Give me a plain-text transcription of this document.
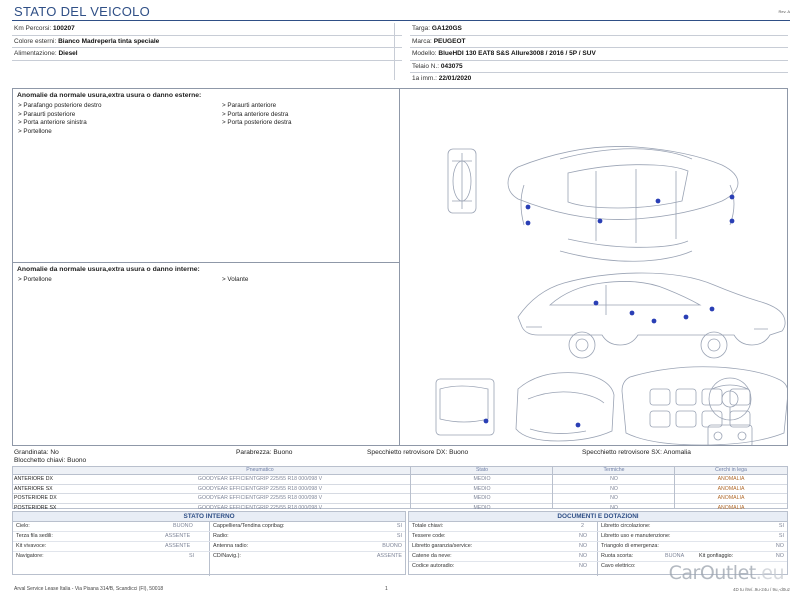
STATO DEL VEICOLO	Rev. A
Km Percorsi: 100207
Colore esterni: Bianco Madreperla tinta speciale
Alimentazione: Diesel
Targa: GA120GS
Marca: PEUGEOT
Modello: BlueHDI 130 EAT8 S&S Allure3008 / 2016 / 5P / SUV
Telaio N.: 043075
1a imm.: 22/01/2020
Anomalie da normale usura,extra usura o danno esterne:
> Parafango posteriore destro
> Paraurti posteriore
> Porta anteriore sinistra
> Portellone
> Paraurti anteriore
> Porta anteriore destra
> Porta posteriore destra
Anomalie da normale usura,extra usura o danno interne:
> Portellone	> Volante
Grandinata: No	Parabrezza: Buono	Specchietto retrovisore DX: Buono	Specchietto retrovisore SX: Anomalia
Blocchetto chiavi: Buono
Pneumatico	Stato	Termiche	Cerchi in lega
ANTERIORE DX	GOODYEAR EFFICIENTGRIP 225/55 R18 000/098 V	MEDIO	NO	ANOMALIA
ANTERIORE SX	GOODYEAR EFFICIENTGRIP 225/55 R18 000/098 V	MEDIO	NO	ANOMALIA
POSTERIORE DX	GOODYEAR EFFICIENTGRIP 225/55 R18 000/098 V	MEDIO	NO	ANOMALIA
POSTERIORE SX	GOODYEAR EFFICIENTGRIP 225/55 R18 000/098 V	MEDIO	NO	ANOMALIA
STATO INTERNO
Cielo:	BUONO	Cappelliera/Tendina copribag:	SI
Terza fila sedili:	ASSENTE	Radio:	SI
Kit vivavoce:	ASSENTE	Antenna radio:	BUONO
Navigatore:	SI	CD/Navig.):	ASSENTE
DOCUMENTI E DOTAZIONI
Totale chiavi:	2	Libretto circolazione:	SI
Tessere code:	NO	Libretto uso e manutenzione:	SI
Libretto garanzia/service:	NO	Triangolo di emergenza:	NO
Catene da neve:	NO	Ruota scorta:	BUONA	Kit gonfiaggio:	NO
Codice autoradio:	NO	Cavo elettrico:
Arval Service Lease Italia - Via Pisana 314/B, Scandicci (FI), 50018	1	4D tu /9v/..9u-24u / 9u,-d0uz
CarOutlet.eu
